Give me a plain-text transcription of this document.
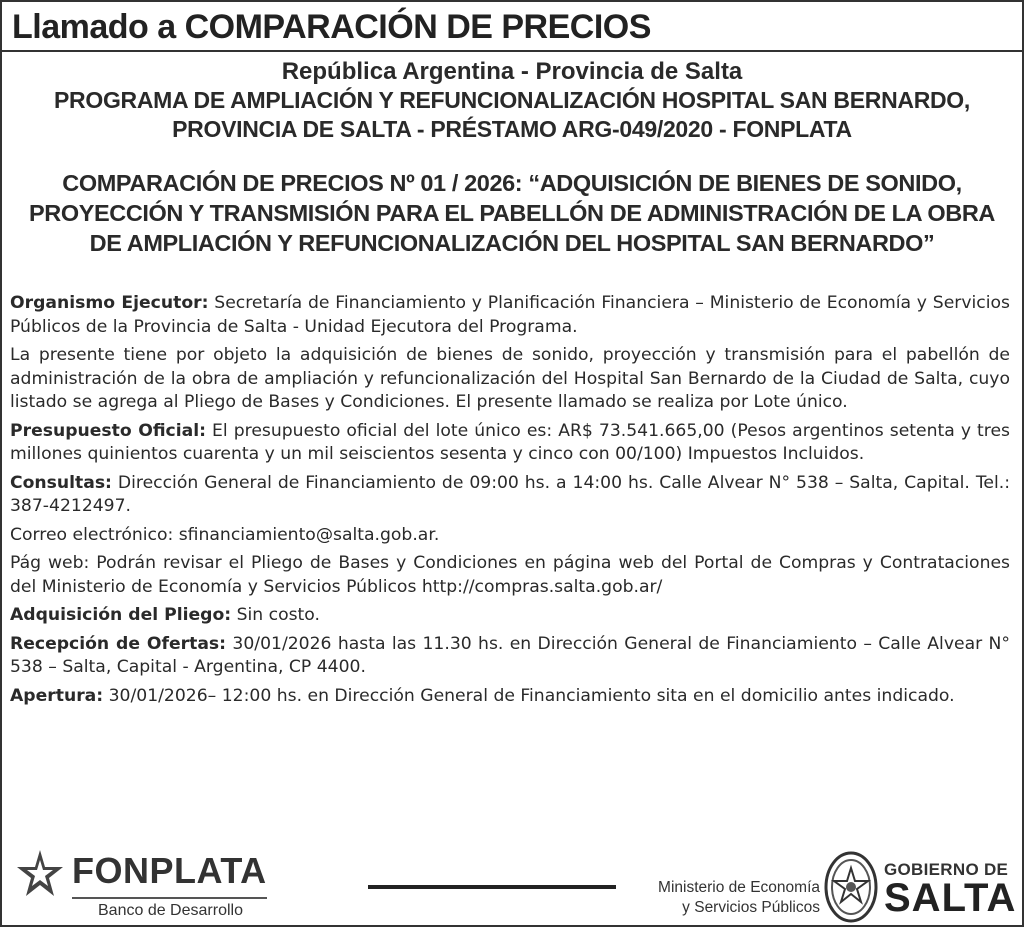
Llamado a COMPARACIÓN DE PRECIOS
República Argentina - Provincia de Salta
PROGRAMA DE AMPLIACIÓN Y REFUNCIONALIZACIÓN HOSPITAL SAN BERNARDO,
PROVINCIA DE SALTA - PRÉSTAMO ARG-049/2020 - FONPLATA
COMPARACIÓN DE PRECIOS Nº 01 / 2026: “ADQUISICIÓN DE BIENES DE SONIDO,
PROYECCIÓN Y TRANSMISIÓN PARA EL PABELLÓN DE ADMINISTRACIÓN DE LA OBRA
DE AMPLIACIÓN Y REFUNCIONALIZACIÓN DEL HOSPITAL SAN BERNARDO”

Organismo Ejecutor: Secretaría de Financiamiento y Planificación Financiera – Ministerio de Economía y Servicios Públicos de la Provincia de Salta - Unidad Ejecutora del Programa.

La presente tiene por objeto la adquisición de bienes de sonido, proyección y transmisión para el pabellón de administración de la obra de ampliación y refuncionalización del Hospital San Bernardo de la Ciudad de Salta, cuyo listado se agrega al Pliego de Bases y Condiciones. El presente llamado se realiza por Lote único.

Presupuesto Oficial: El presupuesto oficial del lote único es: AR$ 73.541.665,00 (Pesos argentinos setenta y tres millones quinientos cuarenta y un mil seiscientos sesenta y cinco con 00/100) Impuestos Incluidos.

Consultas: Dirección General de Financiamiento de 09:00 hs. a 14:00 hs. Calle Alvear N° 538 – Salta, Capital. Tel.: 387-4212497.

Correo electrónico: sfinanciamiento@salta.gob.ar.

Pág web: Podrán revisar el Pliego de Bases y Condiciones en página web del Portal de Compras y Contrataciones del Ministerio de Economía y Servicios Públicos http://compras.salta.gob.ar/

Adquisición del Pliego: Sin costo.

Recepción de Ofertas: 30/01/2026 hasta las 11.30 hs. en Dirección General de Financiamiento – Calle Alvear N° 538 – Salta, Capital - Argentina, CP 4400.

Apertura: 30/01/2026– 12:00 hs. en Dirección General de Financiamiento sita en el domicilio antes indicado.

FONPLATA
Banco de Desarrollo
Ministerio de Economía
y Servicios Públicos
GOBIERNO DE
SALTA
